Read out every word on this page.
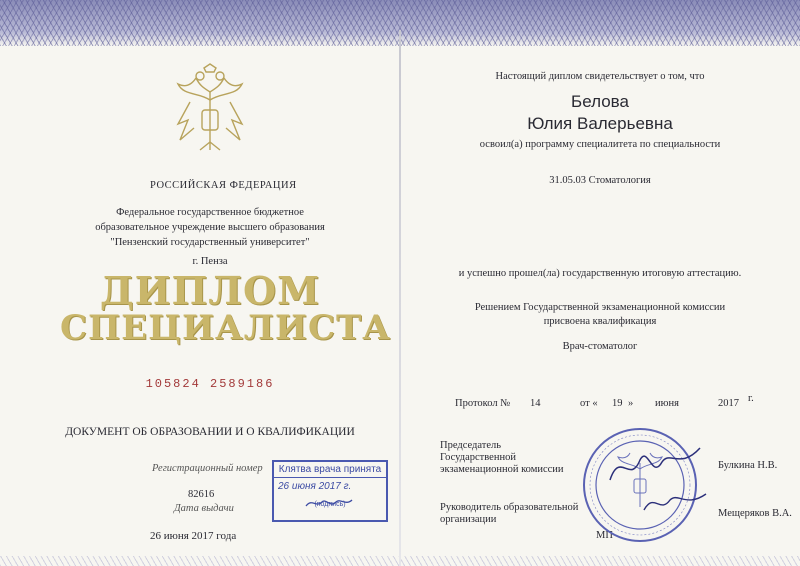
РОССИЙСКАЯ ФЕДЕРАЦИЯ

Федеральное государственное бюджетное

образовательное учреждение высшего образования

"Пензенский государственный университет"

г. Пенза

ДИПЛОМ

СПЕЦИАЛИСТА

105824 2589186

ДОКУМЕНТ ОБ ОБРАЗОВАНИИ И О КВАЛИФИКАЦИИ

Регистрационный номер

82616

Дата выдачи

26 июня 2017 года

Клятва врача принята
26 июня 2017 г.
(подпись)

Настоящий диплом свидетельствует о том, что

Белова

Юлия Валерьевна

освоил(а) программу специалитета по специальности

31.05.03 Стоматология

и успешно прошел(ла) государственную итоговую аттестацию.

Решением Государственной экзаменационной комиссии

присвоена квалификация

Врач-стоматолог

Протокол № 14	от « 19 » июня	2017 г.

Председатель

Государственной

экзаменационной комиссии	Булкина Н.В.

Руководитель образовательной

организации

Мещеряков В.А.

МП
